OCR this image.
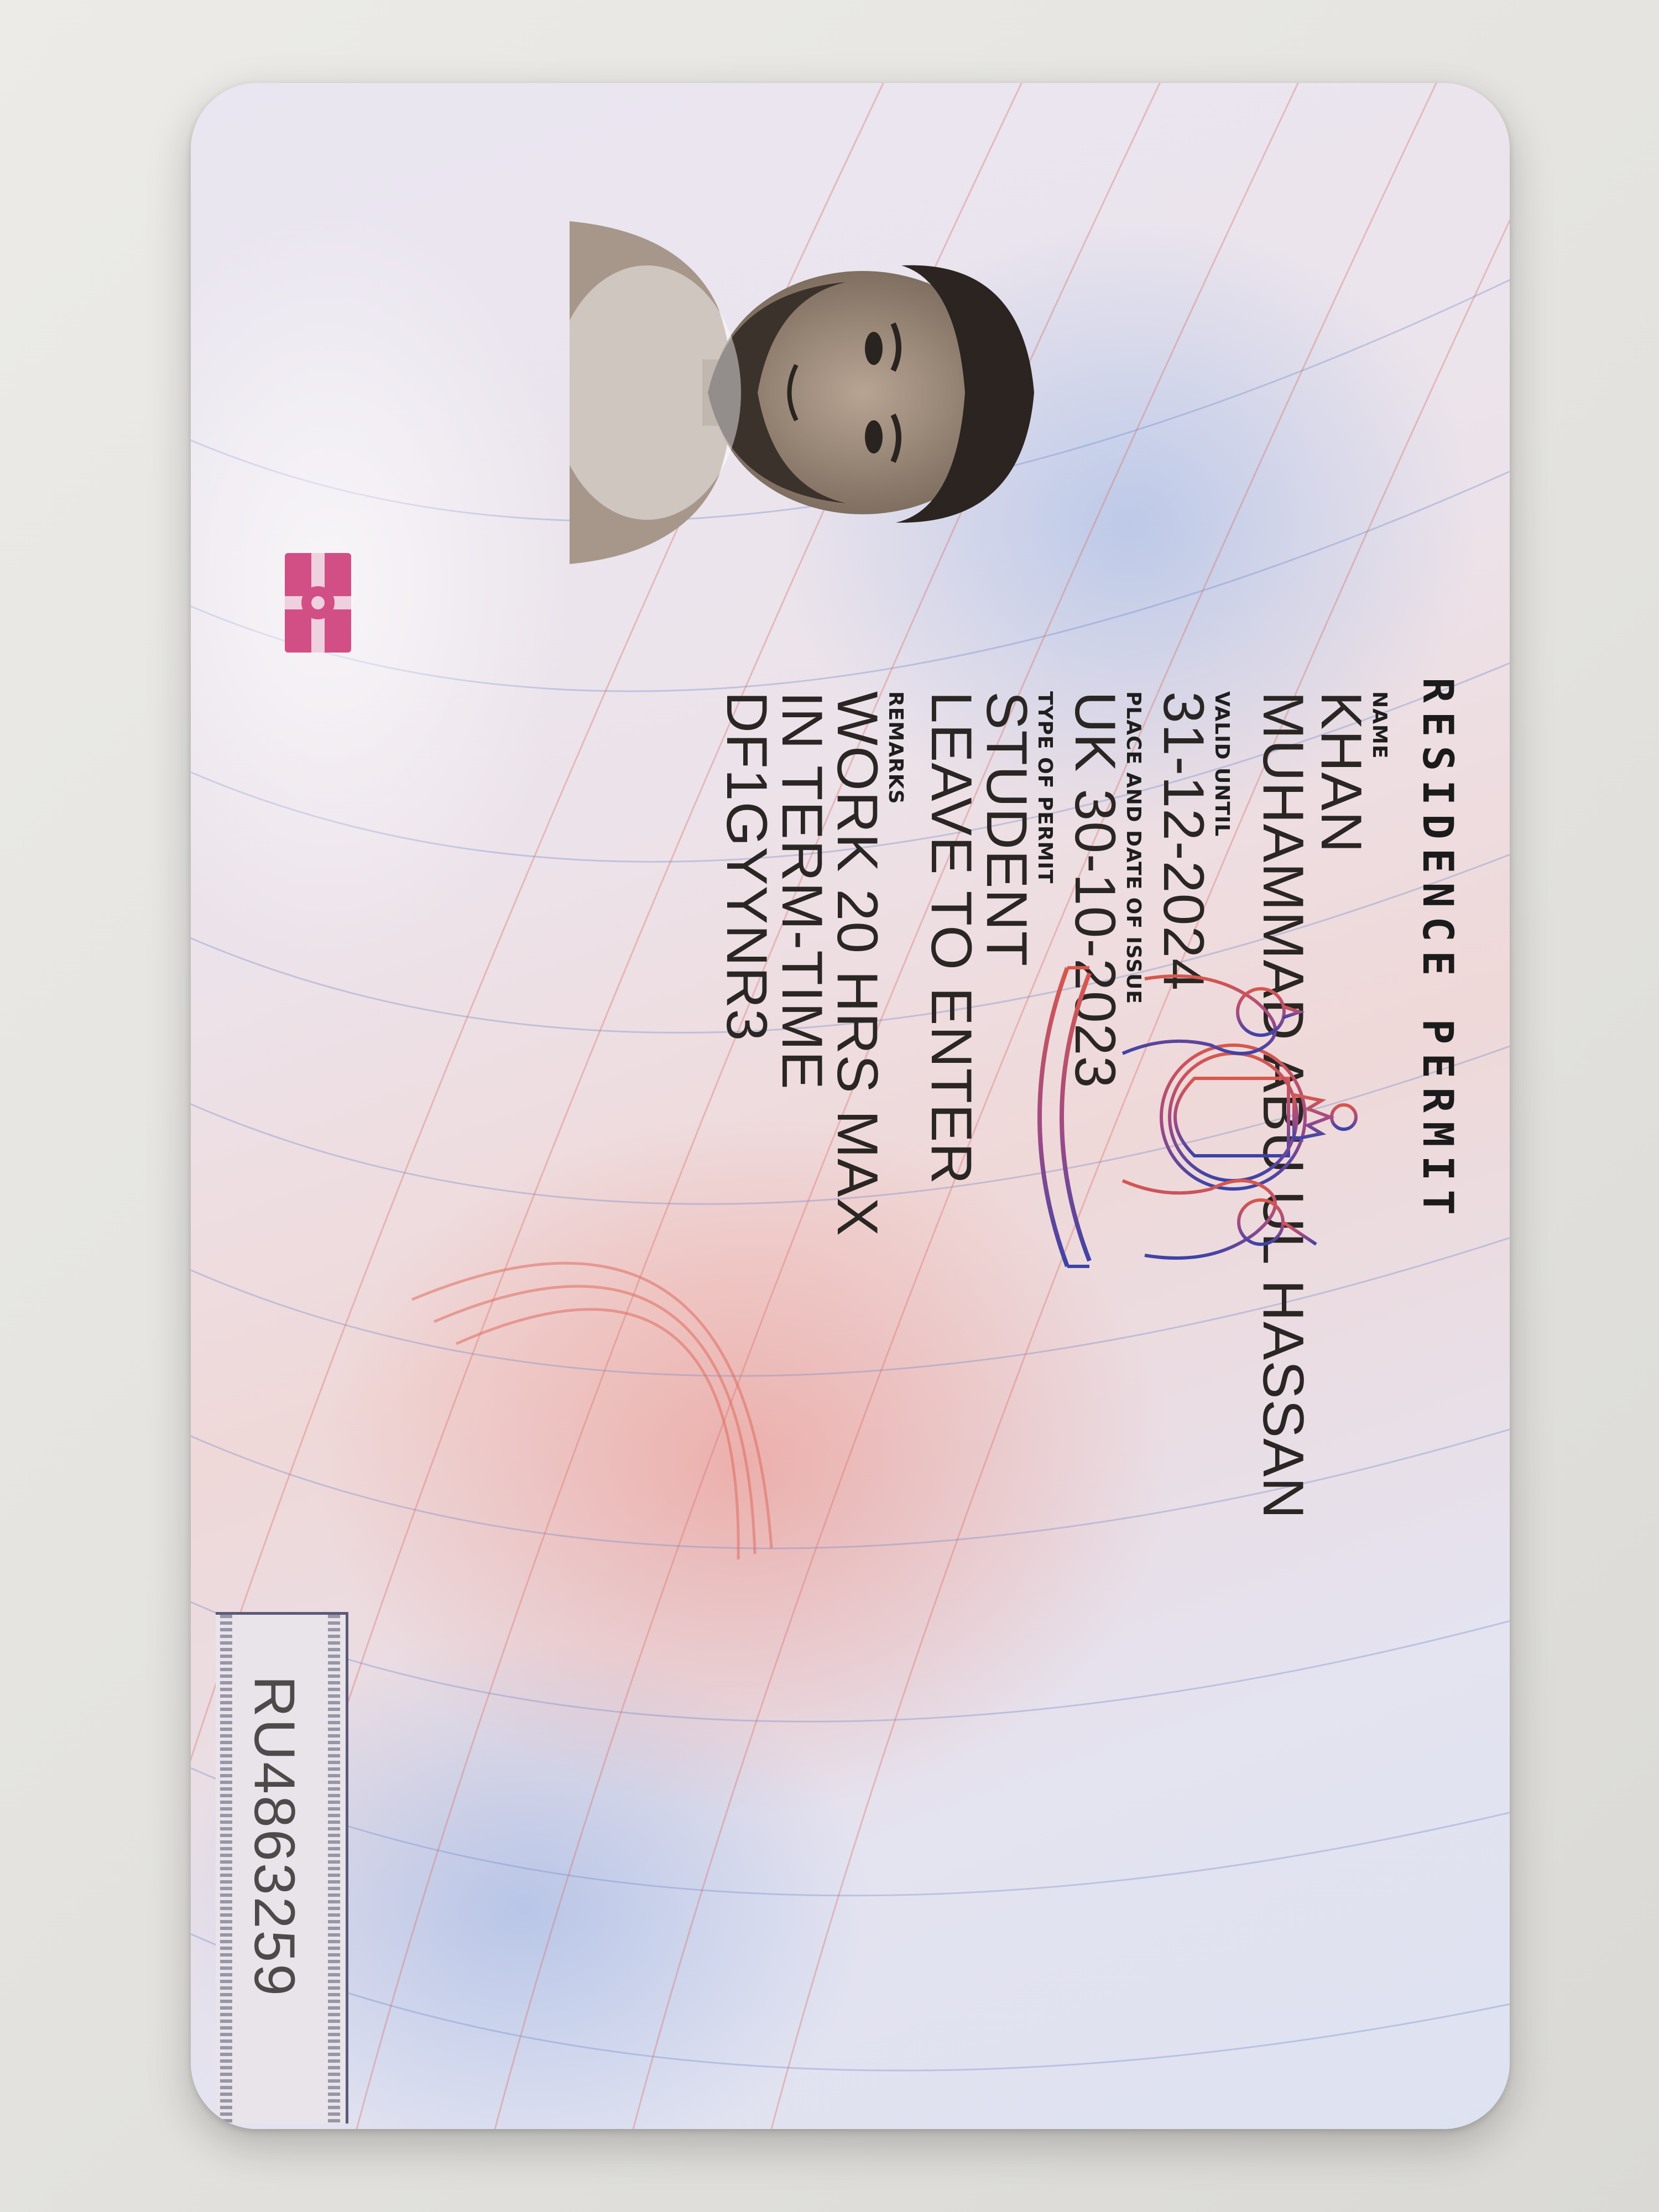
RESIDENCE PERMIT
NAME
KHAN
MUHAMMAD ABU UL HASSAN
VALID UNTIL
31-12-2024
PLACE AND DATE OF ISSUE
UK 30-10-2023
TYPE OF PERMIT
STUDENT
LEAVE TO ENTER
REMARKS
WORK 20 HRS MAX
IN TERM-TIME
DF1GYYNR3
RU4863259
